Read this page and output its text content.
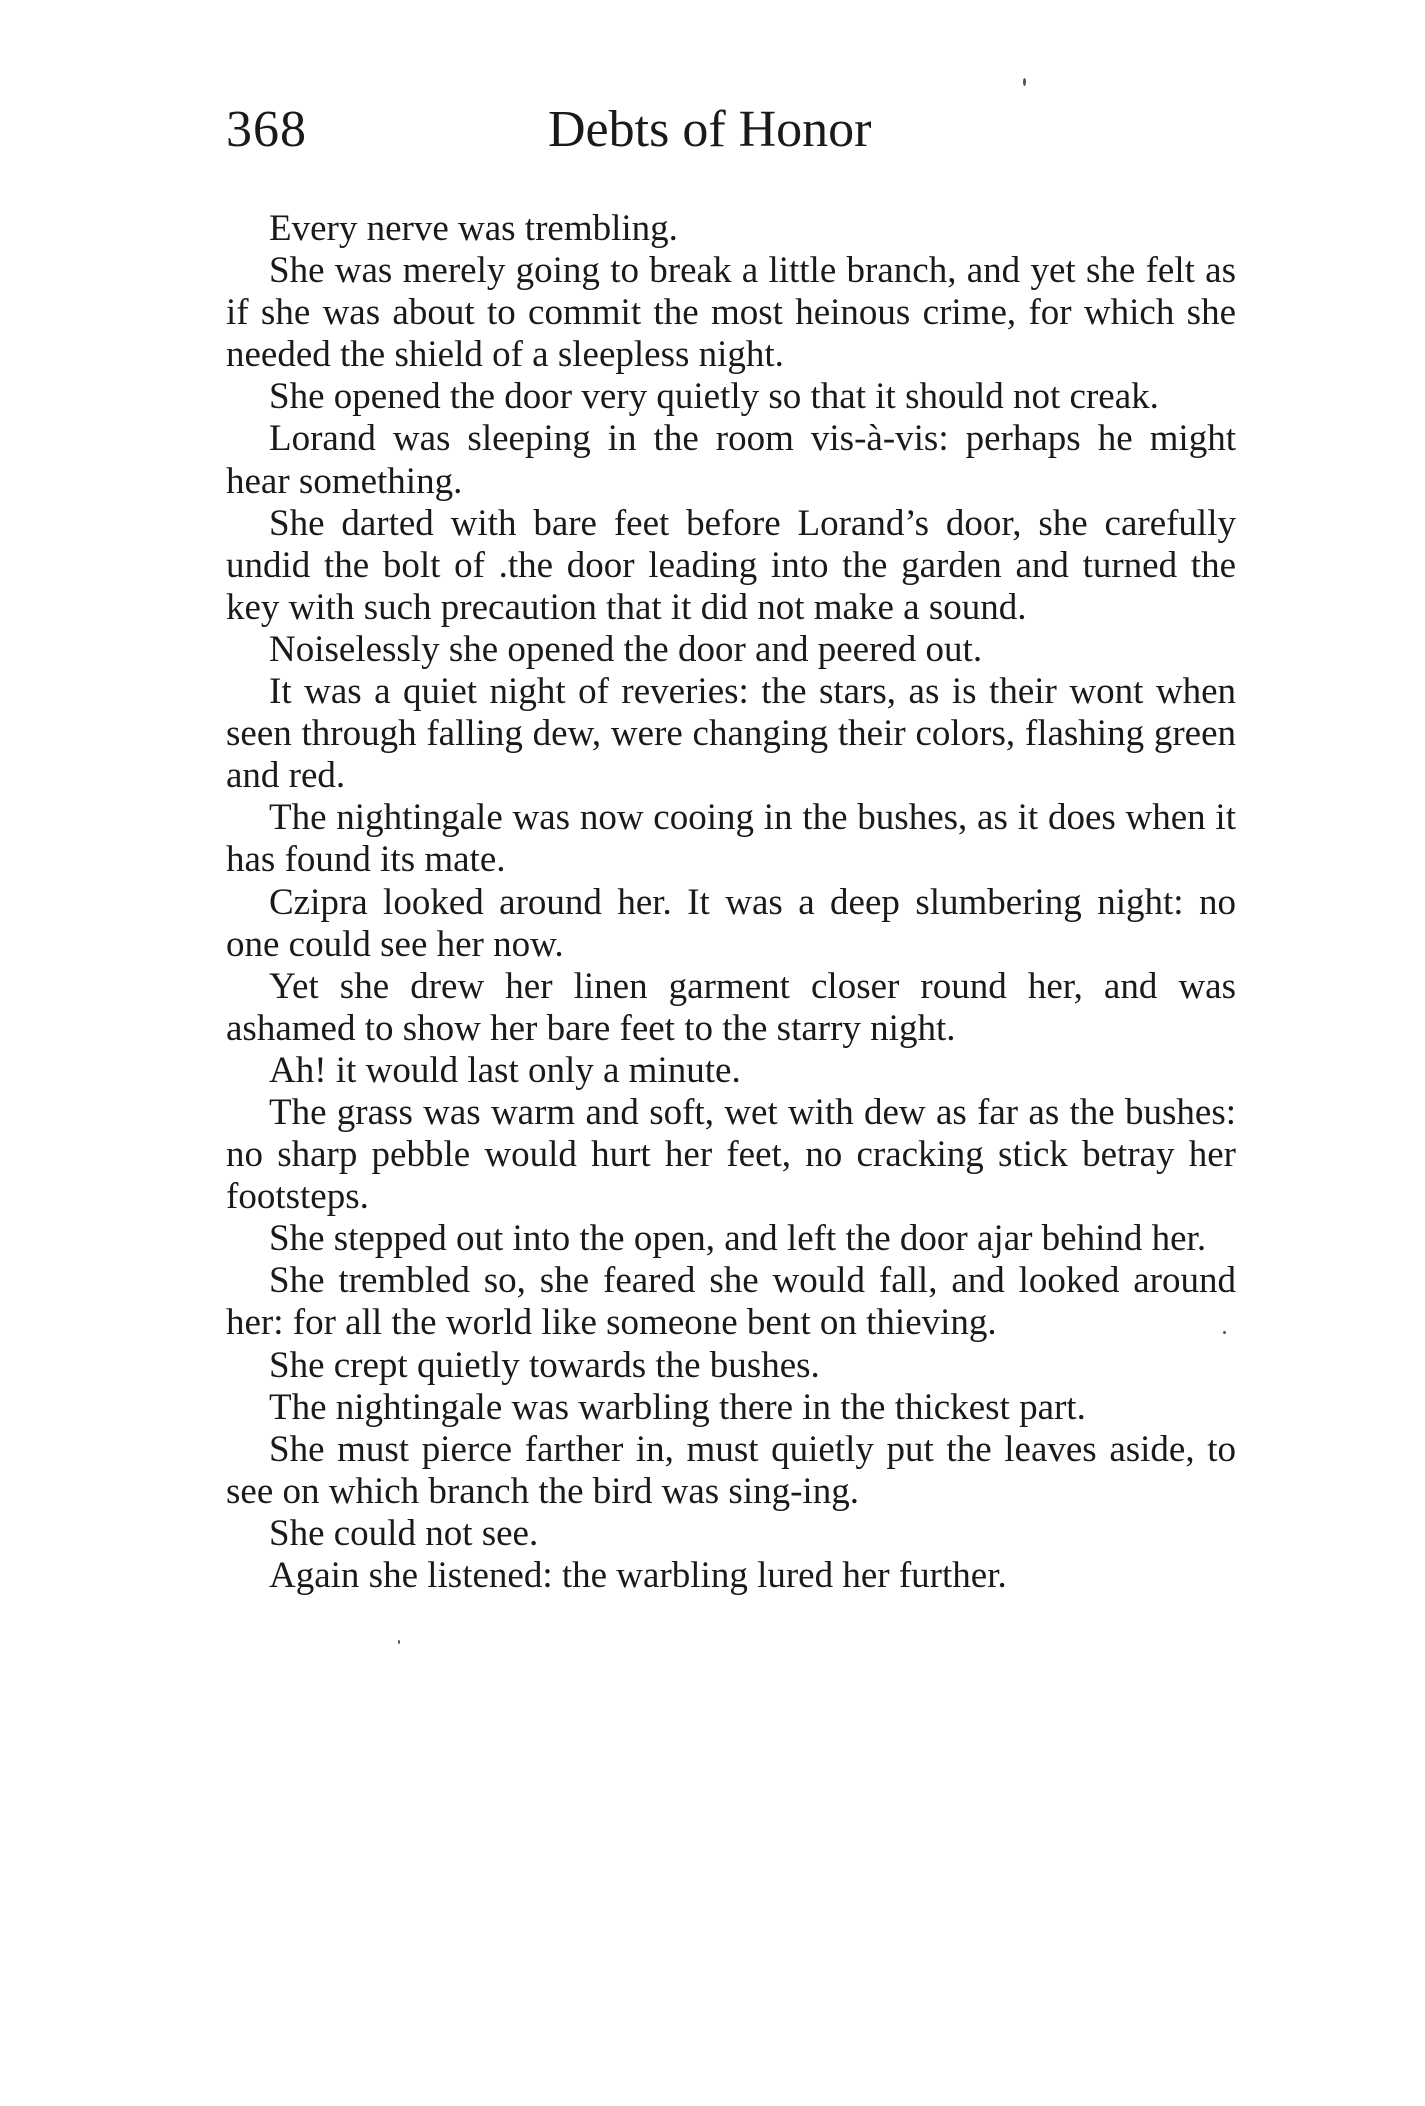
368	Debts of Honor

Every nerve was trembling.

She was merely going to break a little branch, and yet she felt as if she was about to commit the most heinous crime, for which she needed the shield of a sleepless night.

She opened the door very quietly so that it should not creak.

Lorand was sleeping in the room vis-à-vis: perhaps he might hear something.

She darted with bare feet before Lorand’s door, she carefully undid the bolt of .the door leading into the garden and turned the key with such precaution that it did not make a sound.

Noiselessly she opened the door and peered out.

It was a quiet night of reveries: the stars, as is their wont when seen through falling dew, were changing their colors, flashing green and red.

The nightingale was now cooing in the bushes, as it does when it has found its mate.

Czipra looked around her. It was a deep slumbering night: no one could see her now.

Yet she drew her linen garment closer round her, and was ashamed to show her bare feet to the starry night.

Ah! it would last only a minute.

The grass was warm and soft, wet with dew as far as the bushes: no sharp pebble would hurt her feet, no cracking stick betray her footsteps.

She stepped out into the open, and left the door ajar behind her.

She trembled so, she feared she would fall, and looked around her: for all the world like someone bent on thieving.

She crept quietly towards the bushes.

The nightingale was warbling there in the thickest part.

She must pierce farther in, must quietly put the leaves aside, to see on which branch the bird was sing-ing.

She could not see.

Again she listened: the warbling lured her further.
